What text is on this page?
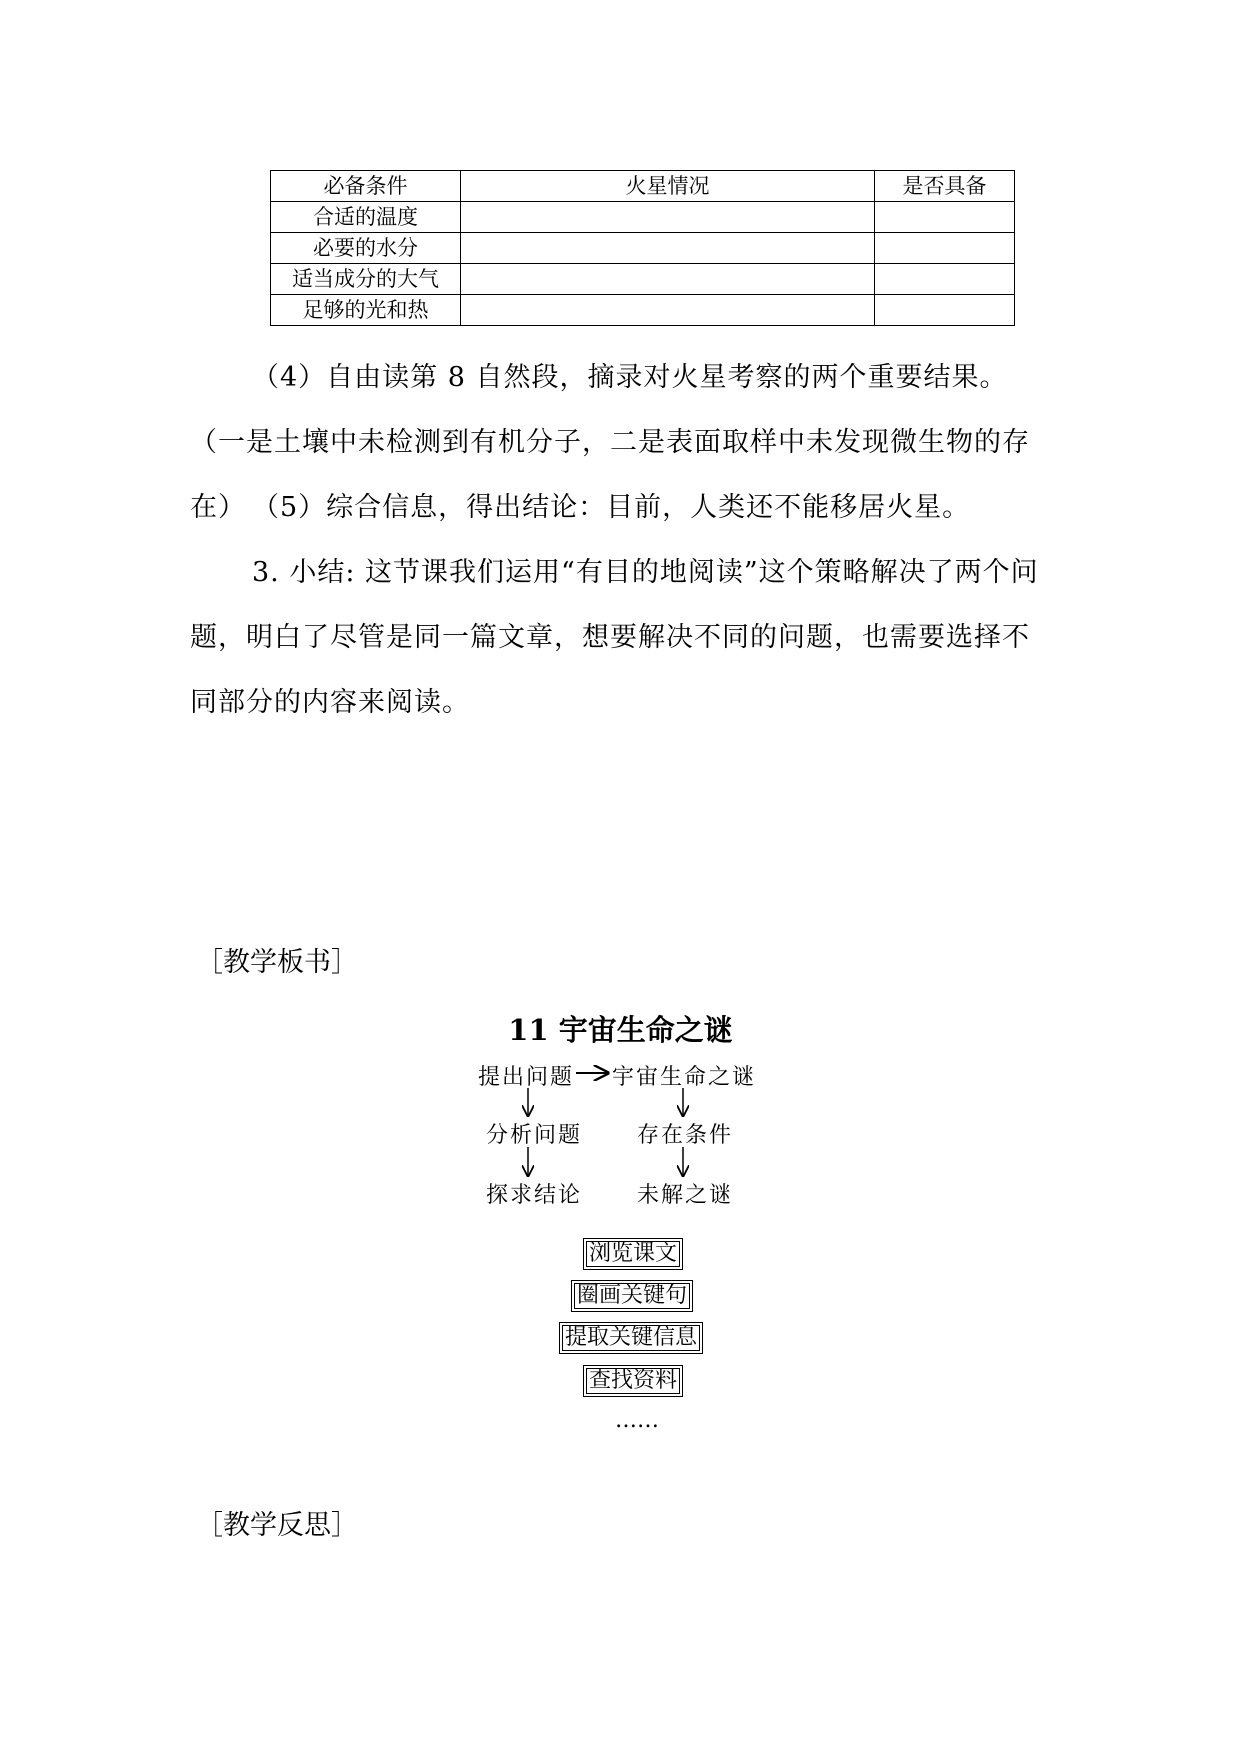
必备条件	火星情况	是否具备
合适的温度		
必要的水分		
适当成分的大气		
足够的光和热		

（4）自由读第 8 自然段，摘录对火星考察的两个重要结果。（一是土壤中未检测到有机分子，二是表面取样中未发现微生物的存在） （5）综合信息，得出结论：目前，人类还不能移居火星。

3. 小结: 这节课我们运用“有目的地阅读”这个策略解决了两个问题，明白了尽管是同一篇文章，想要解决不同的问题，也需要选择不同部分的内容来阅读。

［教学板书］

［教学反思］

11 宇宙生命之谜
提出问题
分析问题
探求结论
宇宙生命之谜
存在条件
未解之谜
浏览课文
圈画关键句
提取关键信息
查找资料
……
